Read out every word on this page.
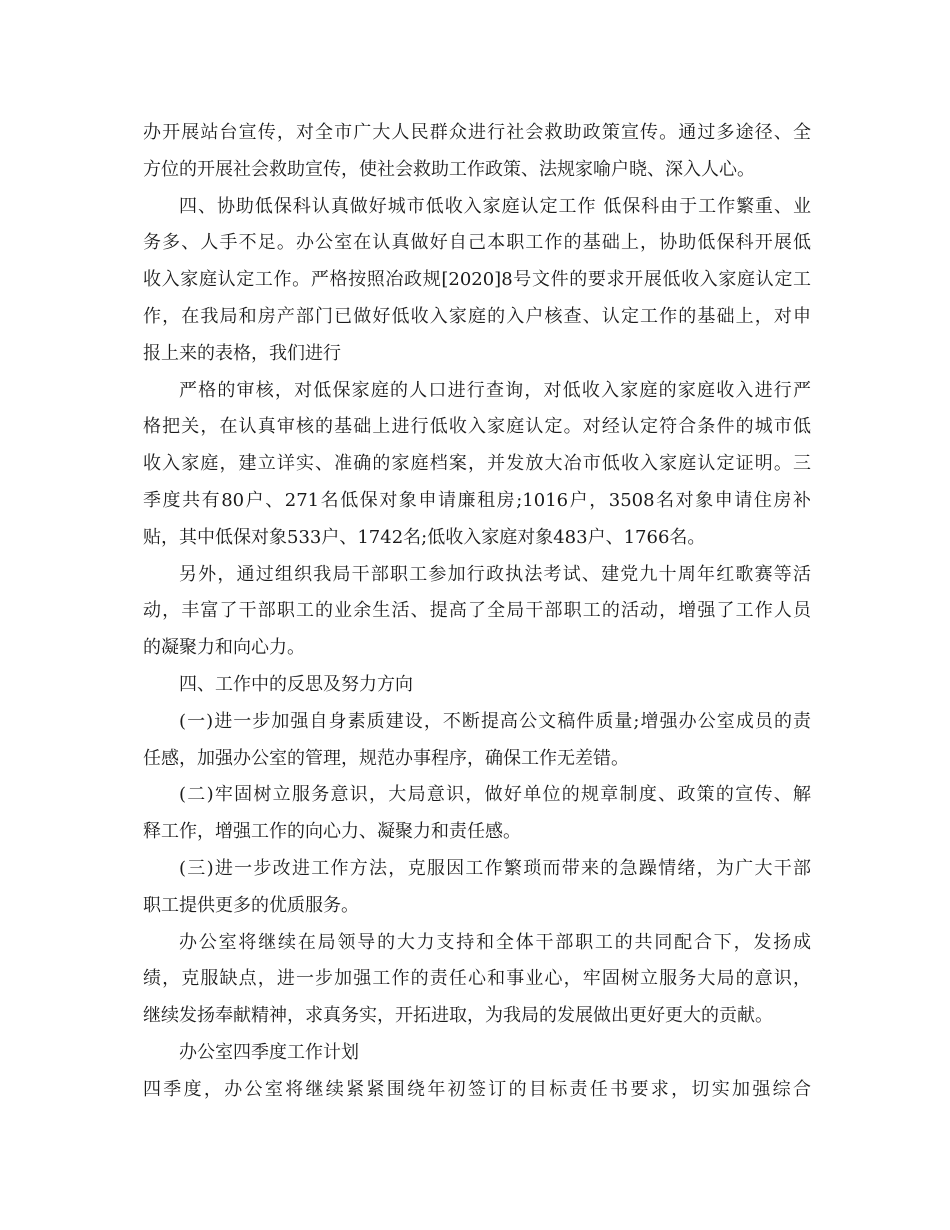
办开展站台宣传，对全市广大人民群众进行社会救助政策宣传。通过多途径、全
方位的开展社会救助宣传，使社会救助工作政策、法规家喻户晓、深入人心。
四、协助低保科认真做好城市低收入家庭认定工作 低保科由于工作繁重、业
务多、人手不足。办公室在认真做好自己本职工作的基础上，协助低保科开展低
收入家庭认定工作。严格按照冶政规[2020]8号文件的要求开展低收入家庭认定工
作，在我局和房产部门已做好低收入家庭的入户核查、认定工作的基础上，对申
报上来的表格，我们进行
严格的审核，对低保家庭的人口进行查询，对低收入家庭的家庭收入进行严
格把关，在认真审核的基础上进行低收入家庭认定。对经认定符合条件的城市低
收入家庭，建立详实、准确的家庭档案，并发放大冶市低收入家庭认定证明。三
季度共有80户、271名低保对象申请廉租房;1016户，3508名对象申请住房补
贴，其中低保对象533户、1742名;低收入家庭对象483户、1766名。
另外，通过组织我局干部职工参加行政执法考试、建党九十周年红歌赛等活
动，丰富了干部职工的业余生活、提高了全局干部职工的活动，增强了工作人员
的凝聚力和向心力。
四、工作中的反思及努力方向
(一)进一步加强自身素质建设，不断提高公文稿件质量;增强办公室成员的责
任感，加强办公室的管理，规范办事程序，确保工作无差错。
(二)牢固树立服务意识，大局意识，做好单位的规章制度、政策的宣传、解
释工作，增强工作的向心力、凝聚力和责任感。
(三)进一步改进工作方法，克服因工作繁琐而带来的急躁情绪，为广大干部
职工提供更多的优质服务。
办公室将继续在局领导的大力支持和全体干部职工的共同配合下，发扬成
绩，克服缺点，进一步加强工作的责任心和事业心，牢固树立服务大局的意识，
继续发扬奉献精神，求真务实，开拓进取，为我局的发展做出更好更大的贡献。
办公室四季度工作计划
四季度，办公室将继续紧紧围绕年初签订的目标责任书要求，切实加强综合
